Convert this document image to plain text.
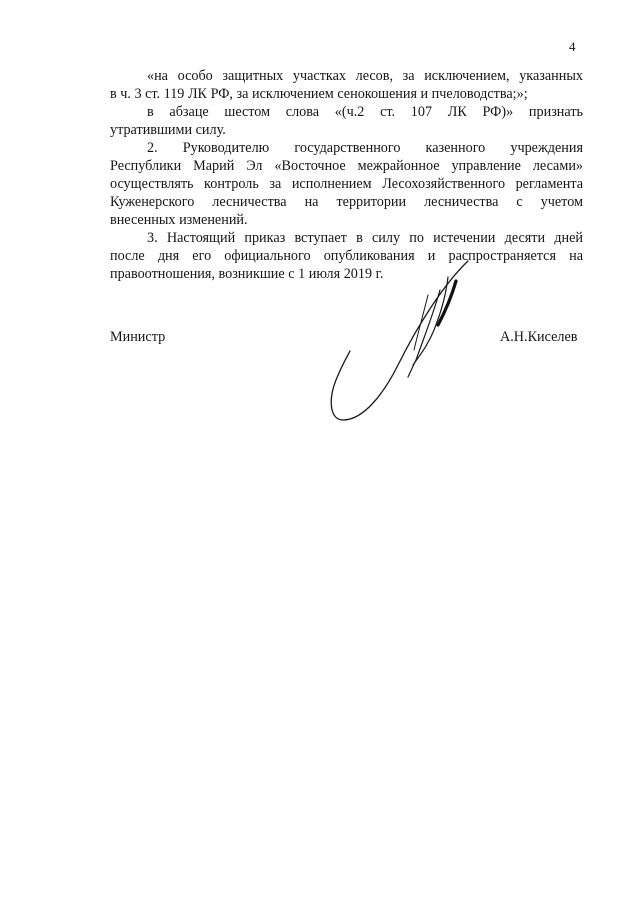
4
«на особо защитных участках лесов, за исключением, указанных
в ч. 3 ст. 119 ЛК РФ, за исключением сенокошения и пчеловодства;»;
в абзаце шестом слова «(ч.2 ст. 107 ЛК РФ)» признать
утратившими силу.
2. Руководителю государственного казенного учреждения
Республики Марий Эл «Восточное межрайонное управление лесами»
осуществлять контроль за исполнением Лесохозяйственного регламента
Куженерского лесничества на территории лесничества с учетом
внесенных изменений.
3. Настоящий приказ вступает в силу по истечении десяти дней
после дня его официального опубликования и распространяется на
правоотношения, возникшие с 1 июля 2019 г.
Министр	А.Н.Киселев
